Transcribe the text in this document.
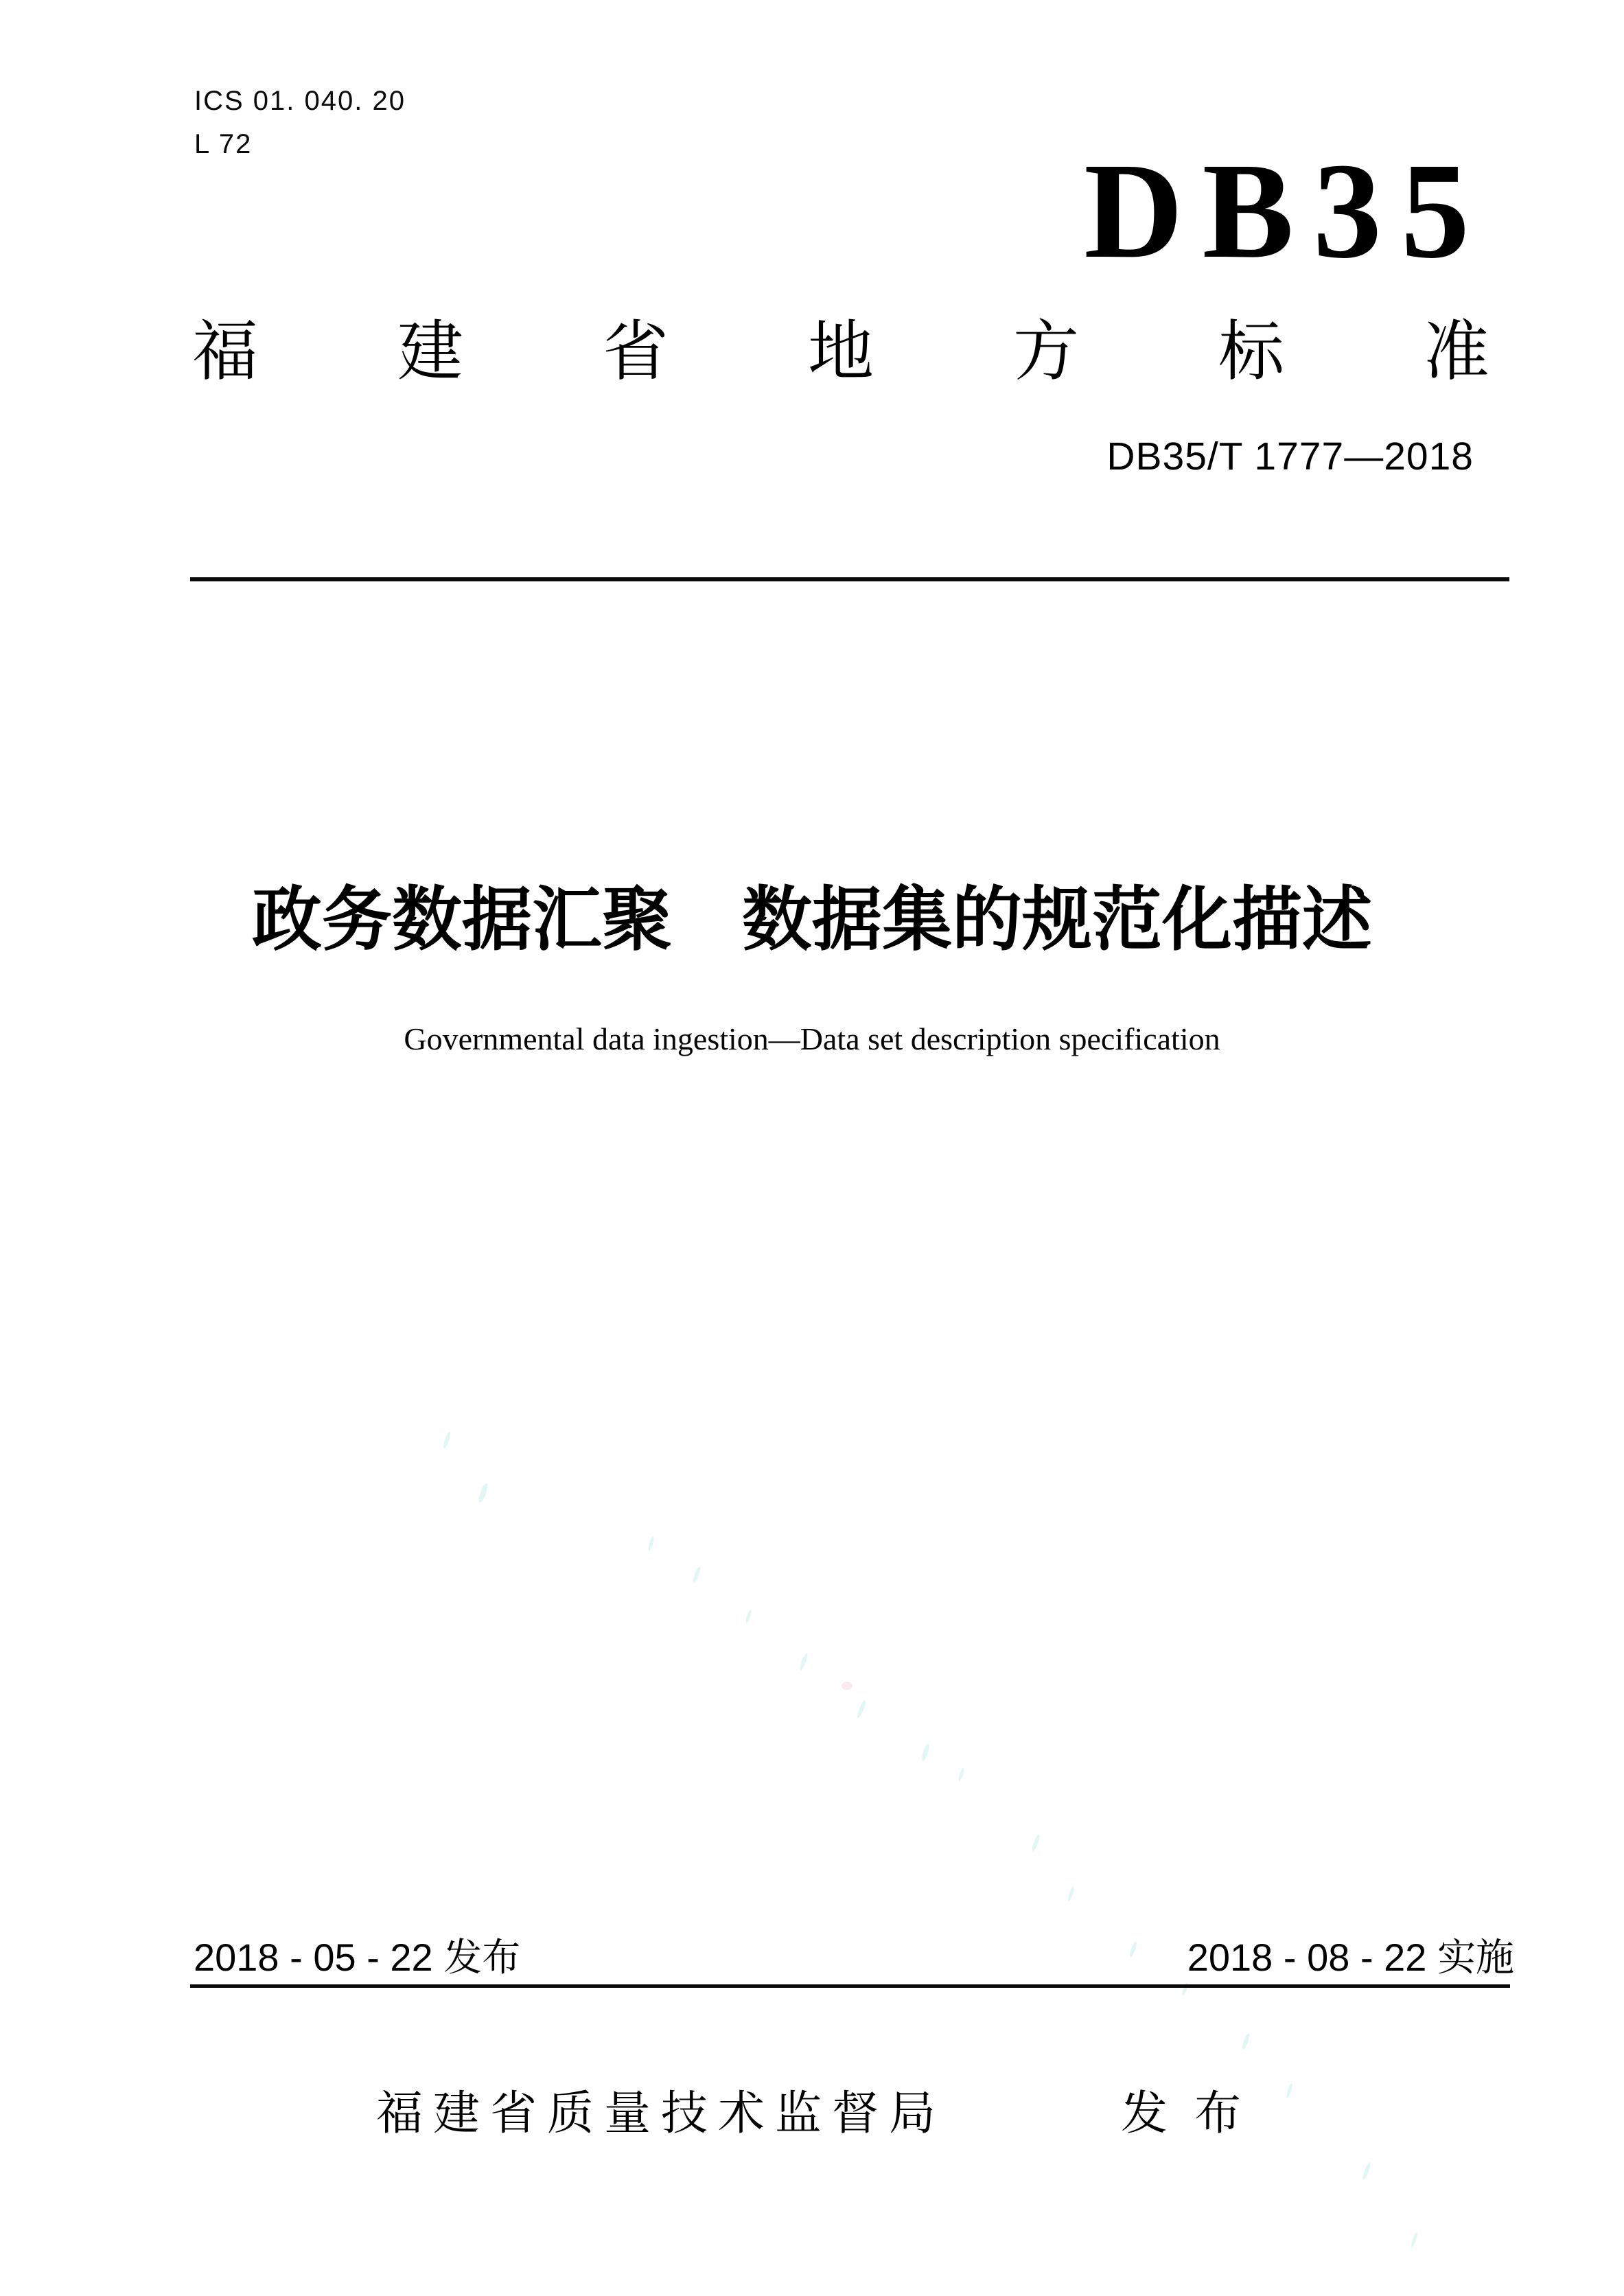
ICS 01. 040. 20
L 72	DB35
福 建 省 地 方 标 准
DB35/T 1777—2018
政务数据汇聚　数据集的规范化描述
Governmental data ingestion—Data set description specification
2018 - 05 - 22 发布	2018 - 08 - 22 实施
福建省质量技术监督局	发 布
